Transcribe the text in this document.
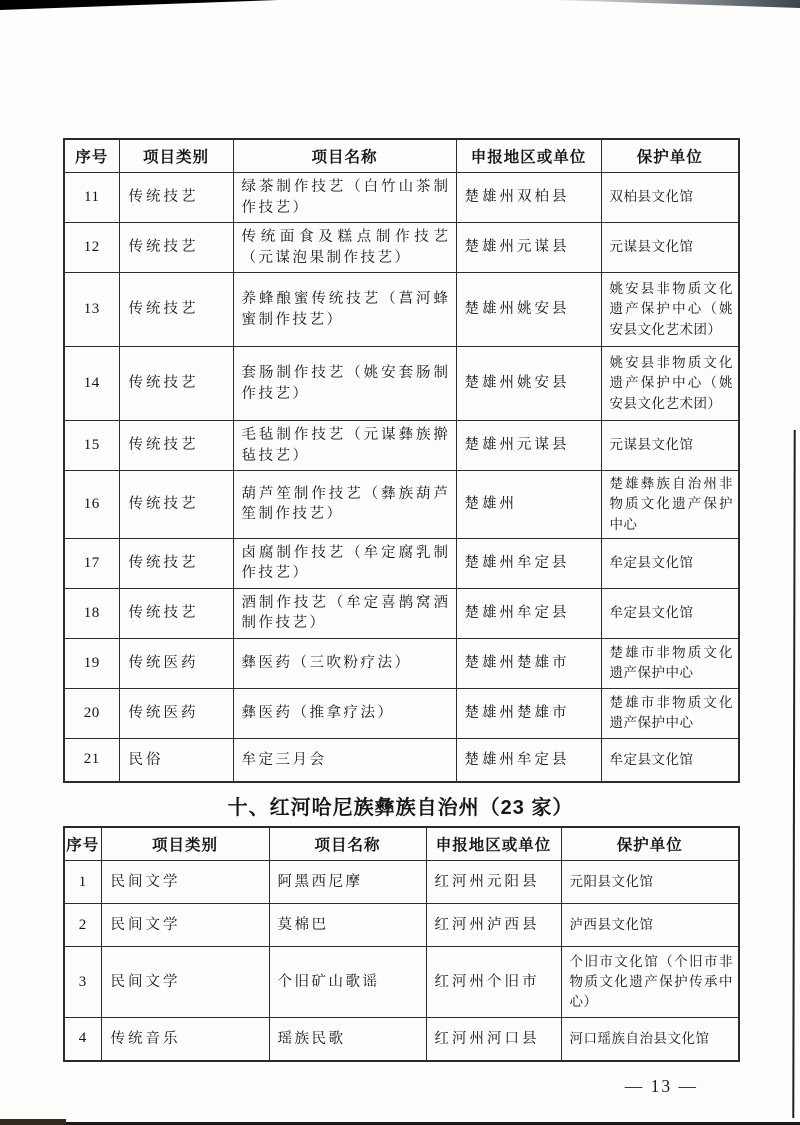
序号	项目类别	项目名称	申报地区或单位	保护单位
11	传统技艺	绿茶制作技艺（白竹山茶制作技艺）	楚雄州双柏县	双柏县文化馆
12	传统技艺	传统面食及糕点制作技艺（元谋泡果制作技艺）	楚雄州元谋县	元谋县文化馆
13	传统技艺	养蜂酿蜜传统技艺（菖河蜂蜜制作技艺）	楚雄州姚安县	姚安县非物质文化遗产保护中心（姚安县文化艺术团）
14	传统技艺	套肠制作技艺（姚安套肠制作技艺）	楚雄州姚安县	姚安县非物质文化遗产保护中心（姚安县文化艺术团）
15	传统技艺	毛毡制作技艺（元谋彝族擀毡技艺）	楚雄州元谋县	元谋县文化馆
16	传统技艺	葫芦笙制作技艺（彝族葫芦笙制作技艺）	楚雄州	楚雄彝族自治州非物质文化遗产保护中心
17	传统技艺	卤腐制作技艺（牟定腐乳制作技艺）	楚雄州牟定县	牟定县文化馆
18	传统技艺	酒制作技艺（牟定喜鹊窝酒制作技艺）	楚雄州牟定县	牟定县文化馆
19	传统医药	彝医药（三吹粉疗法）	楚雄州楚雄市	楚雄市非物质文化遗产保护中心
20	传统医药	彝医药（推拿疗法）	楚雄州楚雄市	楚雄市非物质文化遗产保护中心
21	民俗	牟定三月会	楚雄州牟定县	牟定县文化馆
十、红河哈尼族彝族自治州（23 家）
序号	项目类别	项目名称	申报地区或单位	保护单位
1	民间文学	阿黑西尼摩	红河州元阳县	元阳县文化馆
2	民间文学	莫棉巴	红河州泸西县	泸西县文化馆
3	民间文学	个旧矿山歌谣	红河州个旧市	个旧市文化馆（个旧市非物质文化遗产保护传承中心）
4	传统音乐	瑶族民歌	红河州河口县	河口瑶族自治县文化馆
— 13 —
